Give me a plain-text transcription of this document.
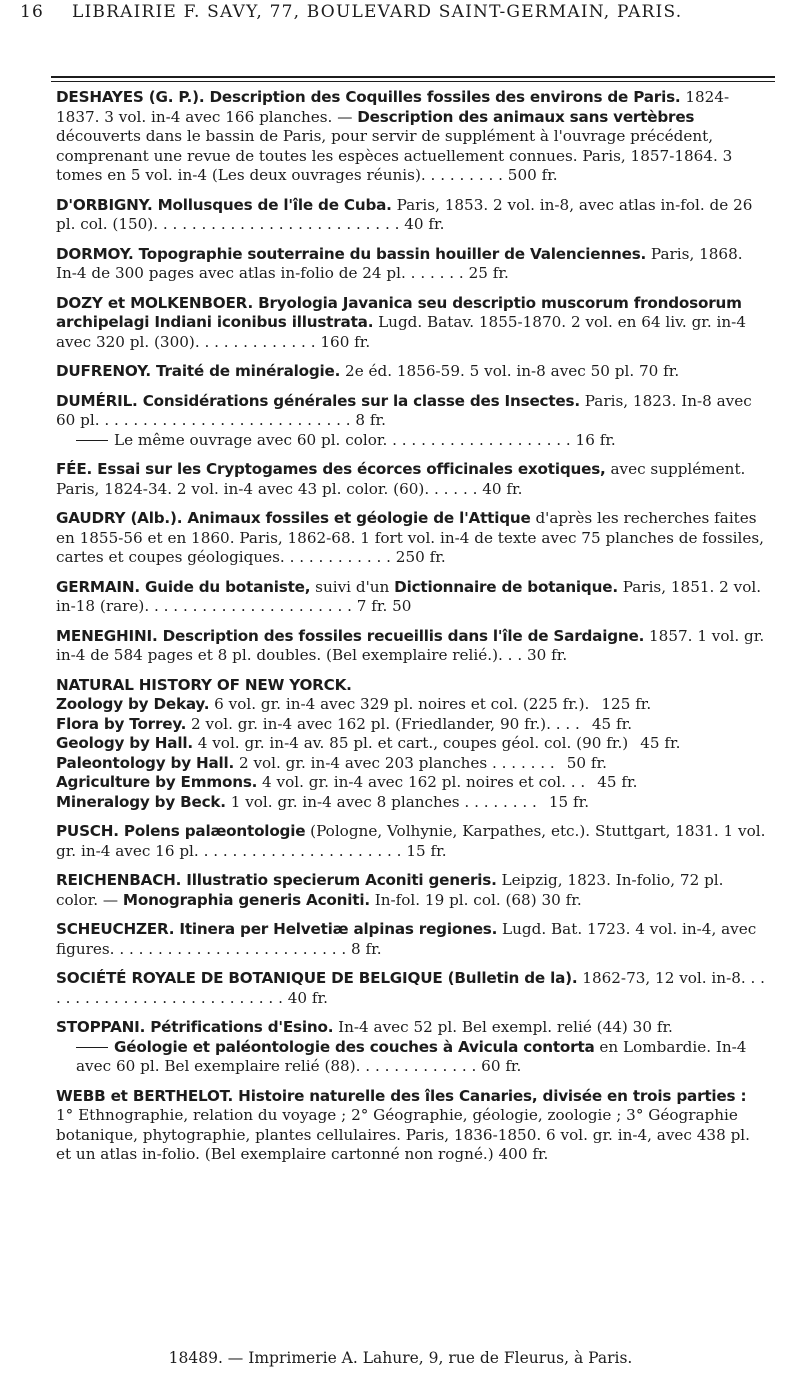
16 LIBRAIRIE F. SAVY, 77, BOULEVARD SAINT-GERMAIN, PARIS.

DESHAYES (G. P.). Description des Coquilles fossiles des environs de Paris. 1824-1837. 3 vol. in-4 avec 166 planches. — Description des animaux sans vertèbres découverts dans le bassin de Paris, pour servir de supplément à l'ouvrage précédent, comprenant une revue de toutes les espèces actuellement connues. Paris, 1857-1864. 3 tomes en 5 vol. in-4 (Les deux ouvrages réunis). . . . . . . . . 500 fr.

D'ORBIGNY. Mollusques de l'île de Cuba. Paris, 1853. 2 vol. in-8, avec atlas in-fol. de 26 pl. col. (150). . . . . . . . . . . . . . . . . . . . . . . . . . 40 fr.

DORMOY. Topographie souterraine du bassin houiller de Valenciennes. Paris, 1868. In-4 de 300 pages avec atlas in-folio de 24 pl. . . . . . . 25 fr.

DOZY et MOLKENBOER. Bryologia Javanica seu descriptio muscorum frondosorum archipelagi Indiani iconibus illustrata. Lugd. Batav. 1855-1870. 2 vol. en 64 liv. gr. in-4 avec 320 pl. (300). . . . . . . . . . . . . 160 fr.

DUFRENOY. Traité de minéralogie. 2e éd. 1856-59. 5 vol. in-8 avec 50 pl. 70 fr.

DUMÉRIL. Considérations générales sur la classe des Insectes. Paris, 1823. In-8 avec 60 pl. . . . . . . . . . . . . . . . . . . . . . . . . . . 8 fr.

Le même ouvrage avec 60 pl. color. . . . . . . . . . . . . . . . . . . . 16 fr.

FÉE. Essai sur les Cryptogames des écorces officinales exotiques, avec supplément. Paris, 1824-34. 2 vol. in-4 avec 43 pl. color. (60). . . . . . 40 fr.

GAUDRY (Alb.). Animaux fossiles et géologie de l'Attique d'après les recherches faites en 1855-56 et en 1860. Paris, 1862-68. 1 fort vol. in-4 de texte avec 75 planches de fossiles, cartes et coupes géologiques. . . . . . . . . . . . 250 fr.

GERMAIN. Guide du botaniste, suivi d'un Dictionnaire de botanique. Paris, 1851. 2 vol. in-18 (rare). . . . . . . . . . . . . . . . . . . . . . 7 fr. 50

MENEGHINI. Description des fossiles recueillis dans l'île de Sardaigne. 1857. 1 vol. gr. in-4 de 584 pages et 8 pl. doubles. (Bel exemplaire relié.). . . 30 fr.

NATURAL HISTORY OF NEW YORCK.

Zoology by Dekay. 6 vol. gr. in-4 avec 329 pl. noires et col. (225 fr.). 125 fr.

Flora by Torrey. 2 vol. gr. in-4 avec 162 pl. (Friedlander, 90 fr.). . . . 45 fr.

Geology by Hall. 4 vol. gr. in-4 av. 85 pl. et cart., coupes géol. col. (90 fr.) 45 fr.

Paleontology by Hall. 2 vol. gr. in-4 avec 203 planches . . . . . . . 50 fr.

Agriculture by Emmons. 4 vol. gr. in-4 avec 162 pl. noires et col. . . 45 fr.

Mineralogy by Beck. 1 vol. gr. in-4 avec 8 planches . . . . . . . . 15 fr.

PUSCH. Polens palæontologie (Pologne, Volhynie, Karpathes, etc.). Stuttgart, 1831. 1 vol. gr. in-4 avec 16 pl. . . . . . . . . . . . . . . . . . . . . . 15 fr.

REICHENBACH. Illustratio specierum Aconiti generis. Leipzig, 1823. In-folio, 72 pl. color. — Monographia generis Aconiti. In-fol. 19 pl. col. (68) 30 fr.

SCHEUCHZER. Itinera per Helvetiæ alpinas regiones. Lugd. Bat. 1723. 4 vol. in-4, avec figures. . . . . . . . . . . . . . . . . . . . . . . . . 8 fr.

SOCIÉTÉ ROYALE DE BOTANIQUE DE BELGIQUE (Bulletin de la). 1862-73, 12 vol. in-8. . . . . . . . . . . . . . . . . . . . . . . . . . . 40 fr.

STOPPANI. Pétrifications d'Esino. In-4 avec 52 pl. Bel exempl. relié (44) 30 fr.

Géologie et paléontologie des couches à Avicula contorta en Lombardie. In-4 avec 60 pl. Bel exemplaire relié (88). . . . . . . . . . . . . 60 fr.

WEBB et BERTHELOT. Histoire naturelle des îles Canaries, divisée en trois parties : 1° Ethnographie, relation du voyage ; 2° Géographie, géologie, zoologie ; 3° Géographie botanique, phytographie, plantes cellulaires. Paris, 1836-1850. 6 vol. gr. in-4, avec 438 pl. et un atlas in-folio. (Bel exemplaire cartonné non rogné.) 400 fr.

18489. — Imprimerie A. Lahure, 9, rue de Fleurus, à Paris.
